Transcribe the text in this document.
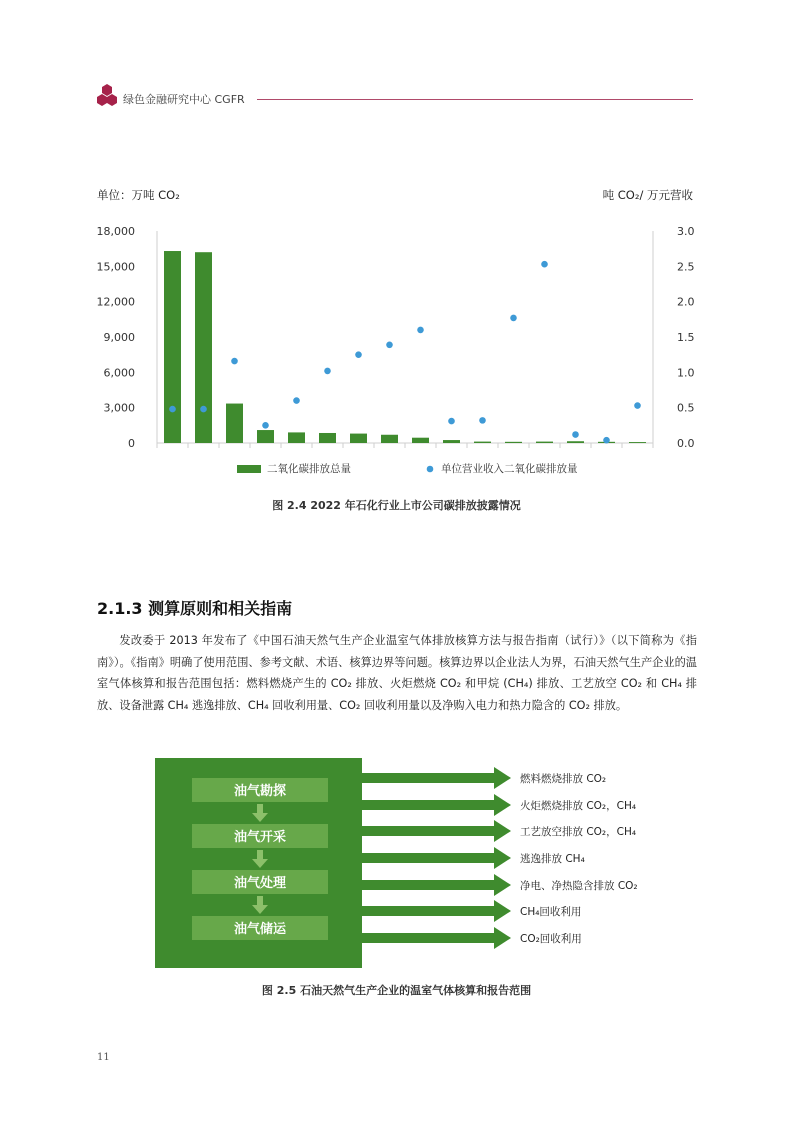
绿色金融研究中心 CGFR
单位：万吨 CO₂	吨 CO₂/ 万元营收
0
3,000
6,000
9,000
12,000
15,000
18,000
0.0
0.5
1.0
1.5
2.0
2.5
3.0
二氧化碳排放总量	单位营业收入二氧化碳排放量
图 2.4 2022 年石化行业上市公司碳排放披露情况
2.1.3 测算原则和相关指南

发改委于 2013 年发布了《中国石油天然气生产企业温室气体排放核算方法与报告指南（试行）》（以下简称为《指南》）。《指南》明确了使用范围、参考文献、术语、核算边界等问题。核算边界以企业法人为界，石油天然气生产企业的温室气体核算和报告范围包括：燃料燃烧产生的 CO₂ 排放、火炬燃烧 CO₂ 和甲烷 (CH₄) 排放、工艺放空 CO₂ 和 CH₄ 排放、设备泄露 CH₄ 逃逸排放、CH₄ 回收利用量、CO₂ 回收利用量以及净购入电力和热力隐含的 CO₂ 排放。

油气勘探
油气开采
油气处理
油气储运
燃料燃烧排放 CO₂
火炬燃烧排放 CO₂，CH₄
工艺放空排放 CO₂，CH₄
逃逸排放 CH₄
净电、净热隐含排放 CO₂
CH₄回收利用
CO₂回收利用
图 2.5 石油天然气生产企业的温室气体核算和报告范围
11
